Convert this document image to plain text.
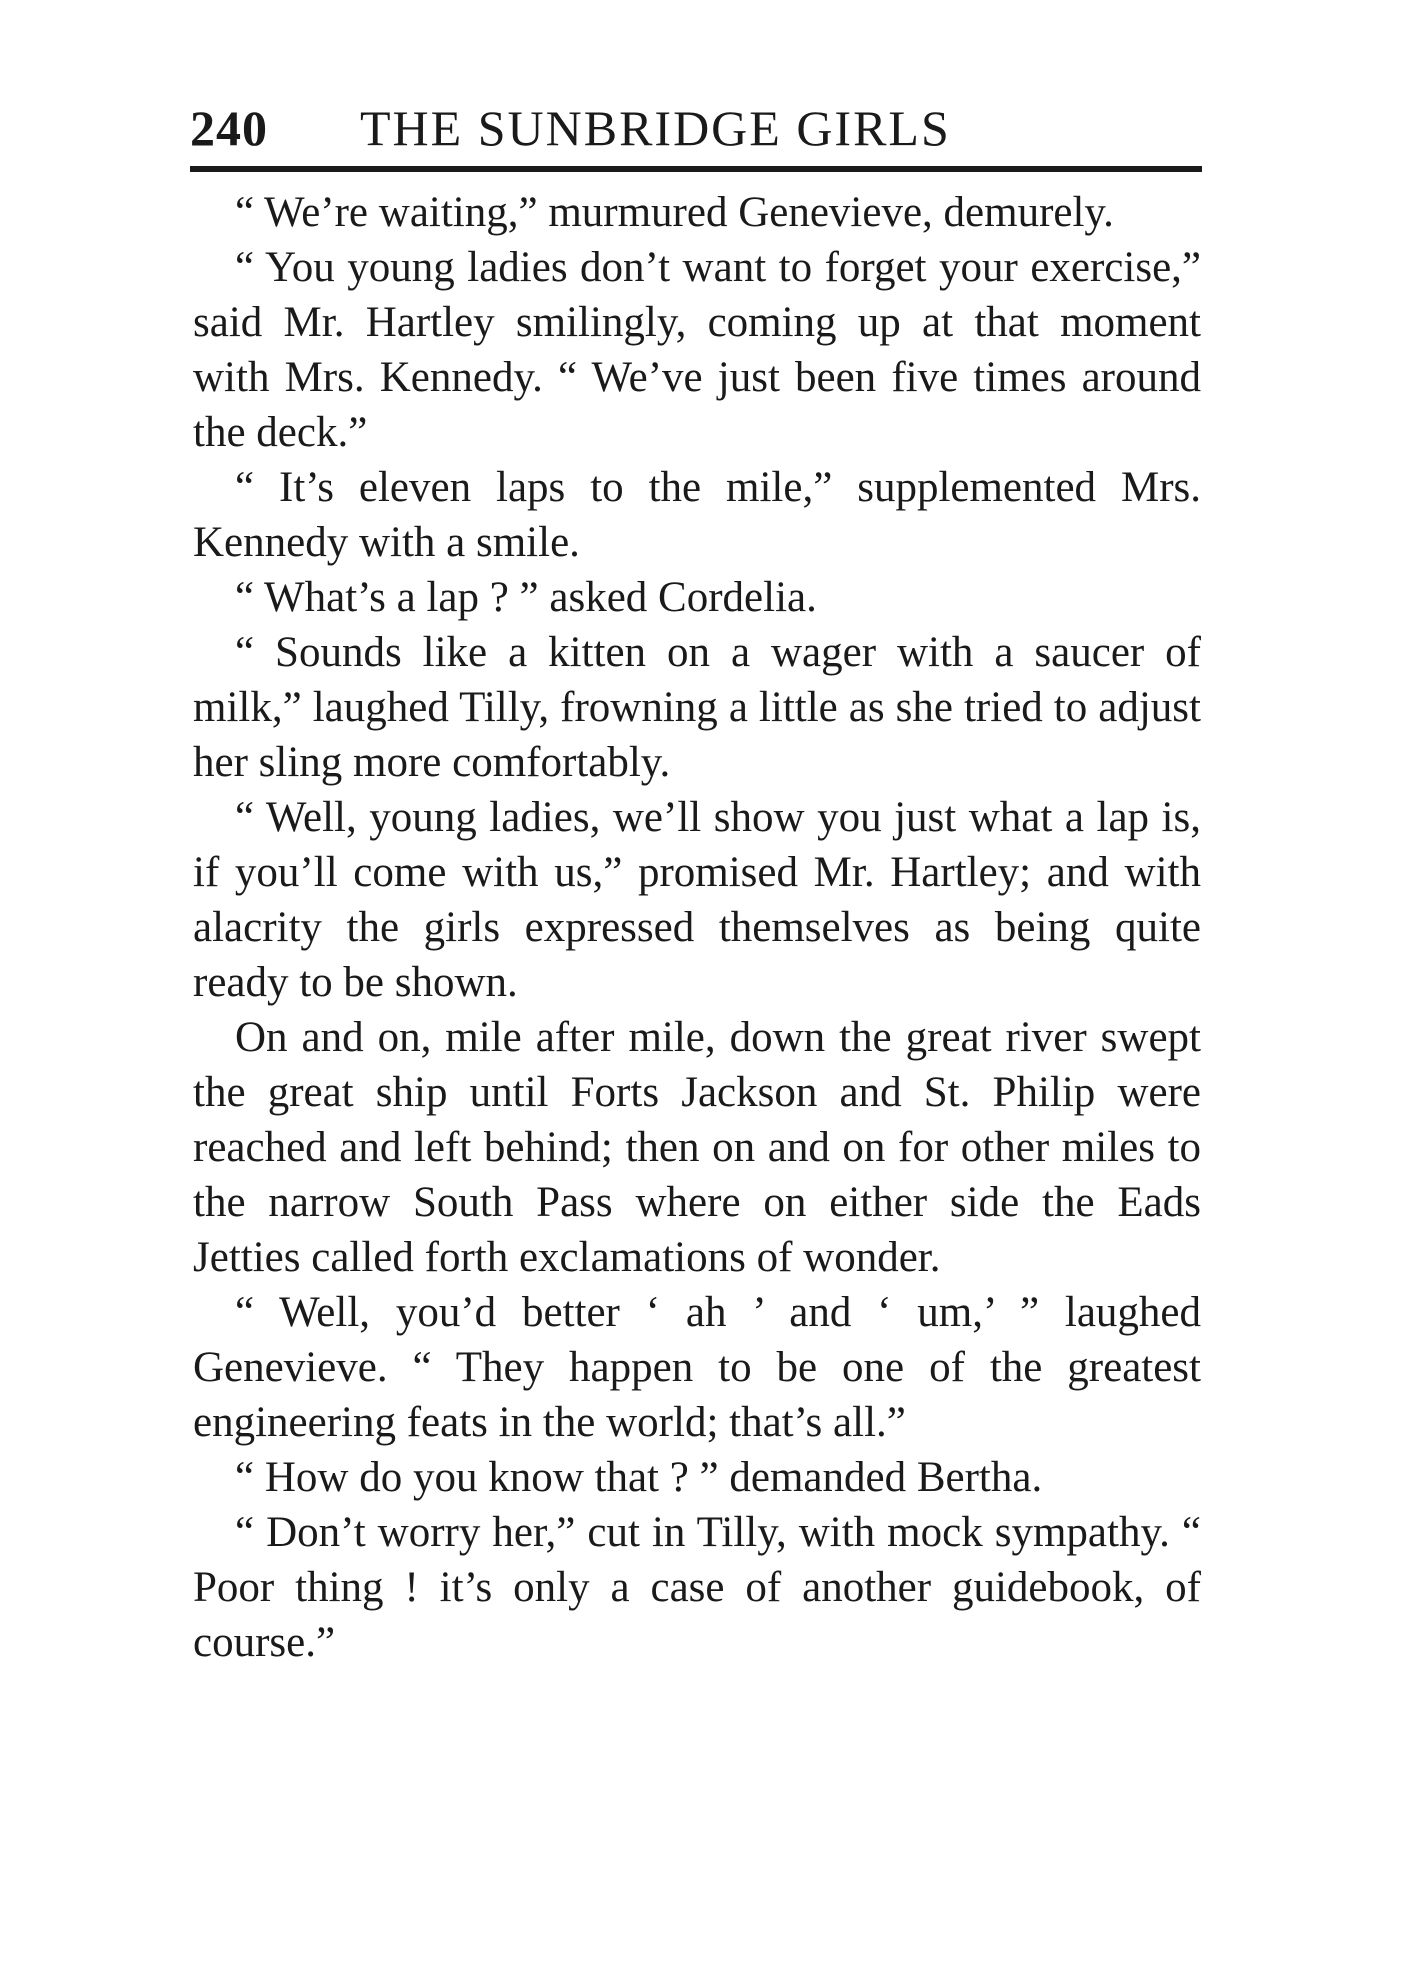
240 THE SUNBRIDGE GIRLS

“ We’re waiting,” murmured Genevieve, demurely.

“ You young ladies don’t want to forget your exercise,” said Mr. Hartley smilingly, coming up at that moment with Mrs. Kennedy. “ We’ve just been five times around the deck.”

“ It’s eleven laps to the mile,” supplemented Mrs. Kennedy with a smile.

“ What’s a lap ? ” asked Cordelia.

“ Sounds like a kitten on a wager with a saucer of milk,” laughed Tilly, frowning a little as she tried to adjust her sling more comfortably.

“ Well, young ladies, we’ll show you just what a lap is, if you’ll come with us,” promised Mr. Hartley; and with alacrity the girls expressed themselves as being quite ready to be shown.

On and on, mile after mile, down the great river swept the great ship until Forts Jackson and St. Philip were reached and left behind; then on and on for other miles to the narrow South Pass where on either side the Eads Jetties called forth exclamations of wonder.

“ Well, you’d better ‘ ah ’ and ‘ um,’ ” laughed Genevieve. “ They happen to be one of the greatest engineering feats in the world; that’s all.”

“ How do you know that ? ” demanded Bertha.

“ Don’t worry her,” cut in Tilly, with mock sympathy. “ Poor thing ! it’s only a case of another guidebook, of course.”
